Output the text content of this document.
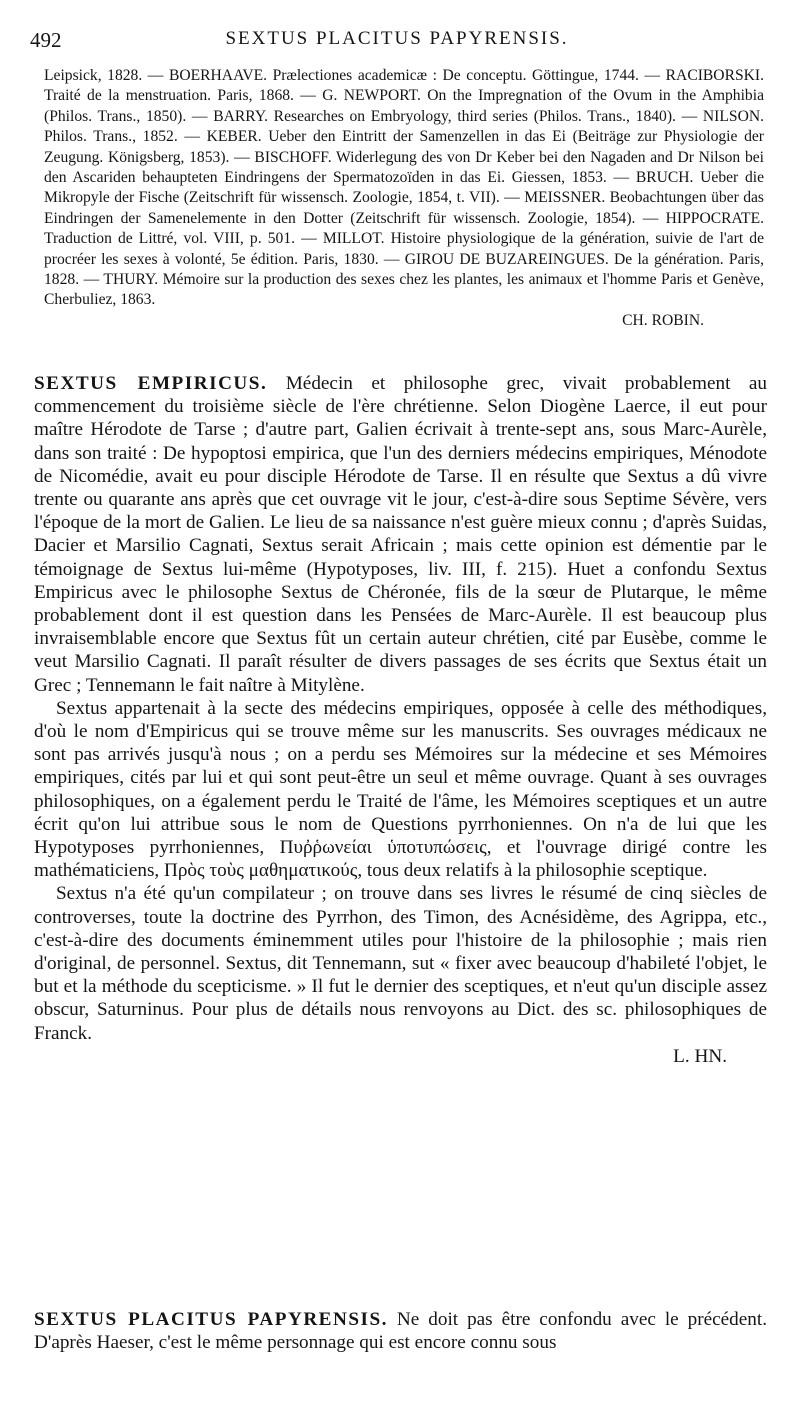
492	SEXTUS PLACITUS PAPYRENSIS.
Leipsick, 1828. — BOERHAAVE. Prælectiones academicæ : De conceptu. Göttingue, 1744. — RACIBORSKI. Traité de la menstruation. Paris, 1868. — G. NEWPORT. On the Impregnation of the Ovum in the Amphibia (Philos. Trans., 1850). — BARRY. Researches on Embryology, third series (Philos. Trans., 1840). — NILSON. Philos. Trans., 1852. — KEBER. Ueber den Eintritt der Samenzellen in das Ei (Beiträge zur Physiologie der Zeugung. Königsberg, 1853). — BISCHOFF. Widerlegung des von Dr Keber bei den Nagaden and Dr Nilson bei den Ascariden behaupteten Eindringens der Spermatozoïden in das Ei. Giessen, 1853. — BRUCH. Ueber die Mikropyle der Fische (Zeitschrift für wissensch. Zoologie, 1854, t. VII). — MEISSNER. Beobachtungen über das Eindringen der Samenelemente in den Dotter (Zeitschrift für wissensch. Zoologie, 1854). — HIPPOCRATE. Traduction de Littré, vol. VIII, p. 501. — MILLOT. Histoire physiologique de la génération, suivie de l'art de procréer les sexes à volonté, 5e édition. Paris, 1830. — GIROU DE BUZAREINGUES. De la génération. Paris, 1828. — THURY. Mémoire sur la production des sexes chez les plantes, les animaux et l'homme Paris et Genève, Cherbuliez, 1863.
CH. ROBIN.

SEXTUS EMPIRICUS. Médecin et philosophe grec, vivait probablement au commencement du troisième siècle de l'ère chrétienne. Selon Diogène Laerce, il eut pour maître Hérodote de Tarse ; d'autre part, Galien écrivait à trente-sept ans, sous Marc-Aurèle, dans son traité : De hypoptosi empirica, que l'un des derniers médecins empiriques, Ménodote de Nicomédie, avait eu pour disciple Hérodote de Tarse. Il en résulte que Sextus a dû vivre trente ou quarante ans après que cet ouvrage vit le jour, c'est-à-dire sous Septime Sévère, vers l'époque de la mort de Galien. Le lieu de sa naissance n'est guère mieux connu ; d'après Suidas, Dacier et Marsilio Cagnati, Sextus serait Africain ; mais cette opinion est démentie par le témoignage de Sextus lui-même (Hypotyposes, liv. III, f. 215). Huet a confondu Sextus Empiricus avec le philosophe Sextus de Chéronée, fils de la sœur de Plutarque, le même probablement dont il est question dans les Pensées de Marc-Aurèle. Il est beaucoup plus invraisemblable encore que Sextus fût un certain auteur chrétien, cité par Eusèbe, comme le veut Marsilio Cagnati. Il paraît résulter de divers passages de ses écrits que Sextus était un Grec ; Tennemann le fait naître à Mitylène.

Sextus appartenait à la secte des médecins empiriques, opposée à celle des méthodiques, d'où le nom d'Empiricus qui se trouve même sur les manuscrits. Ses ouvrages médicaux ne sont pas arrivés jusqu'à nous ; on a perdu ses Mémoires sur la médecine et ses Mémoires empiriques, cités par lui et qui sont peut-être un seul et même ouvrage. Quant à ses ouvrages philosophiques, on a également perdu le Traité de l'âme, les Mémoires sceptiques et un autre écrit qu'on lui attribue sous le nom de Questions pyrrhoniennes. On n'a de lui que les Hypotyposes pyrrhoniennes, Πυῤῥωνείαι ὑποτυπώσεις, et l'ouvrage dirigé contre les mathématiciens, Πρὸς τοὺς μαθηματικούς, tous deux relatifs à la philosophie sceptique.

Sextus n'a été qu'un compilateur ; on trouve dans ses livres le résumé de cinq siècles de controverses, toute la doctrine des Pyrrhon, des Timon, des Acnésidème, des Agrippa, etc., c'est-à-dire des documents éminemment utiles pour l'histoire de la philosophie ; mais rien d'original, de personnel. Sextus, dit Tennemann, sut « fixer avec beaucoup d'habileté l'objet, le but et la méthode du scepticisme. » Il fut le dernier des sceptiques, et n'eut qu'un disciple assez obscur, Saturninus. Pour plus de détails nous renvoyons au Dict. des sc. philosophiques de Franck.

L. HN.

SEXTUS PLACITUS PAPYRENSIS. Ne doit pas être confondu avec le précédent. D'après Haeser, c'est le même personnage qui est encore connu sous
